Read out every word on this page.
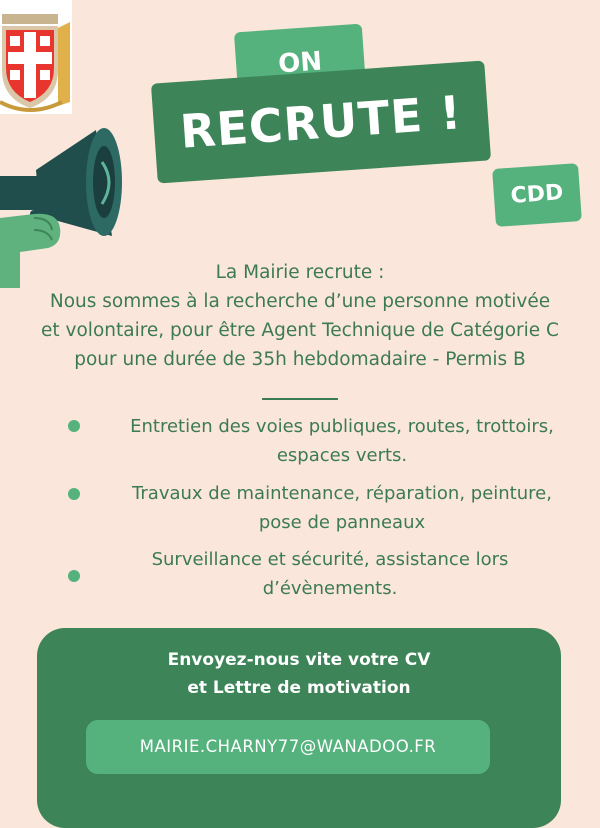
ON
RECRUTE !
CDD
La Mairie recrute :
Nous sommes à la recherche d’une personne motivée
et volontaire, pour être Agent Technique de Catégorie C
pour une durée de 35h hebdomadaire - Permis B
Entretien des voies publiques, routes, trottoirs,
espaces verts.
Travaux de maintenance, réparation, peinture,
pose de panneaux
Surveillance et sécurité, assistance lors
d’évènements.
Envoyez-nous vite votre CV
et Lettre de motivation
MAIRIE.CHARNY77@WANADOO.FR
